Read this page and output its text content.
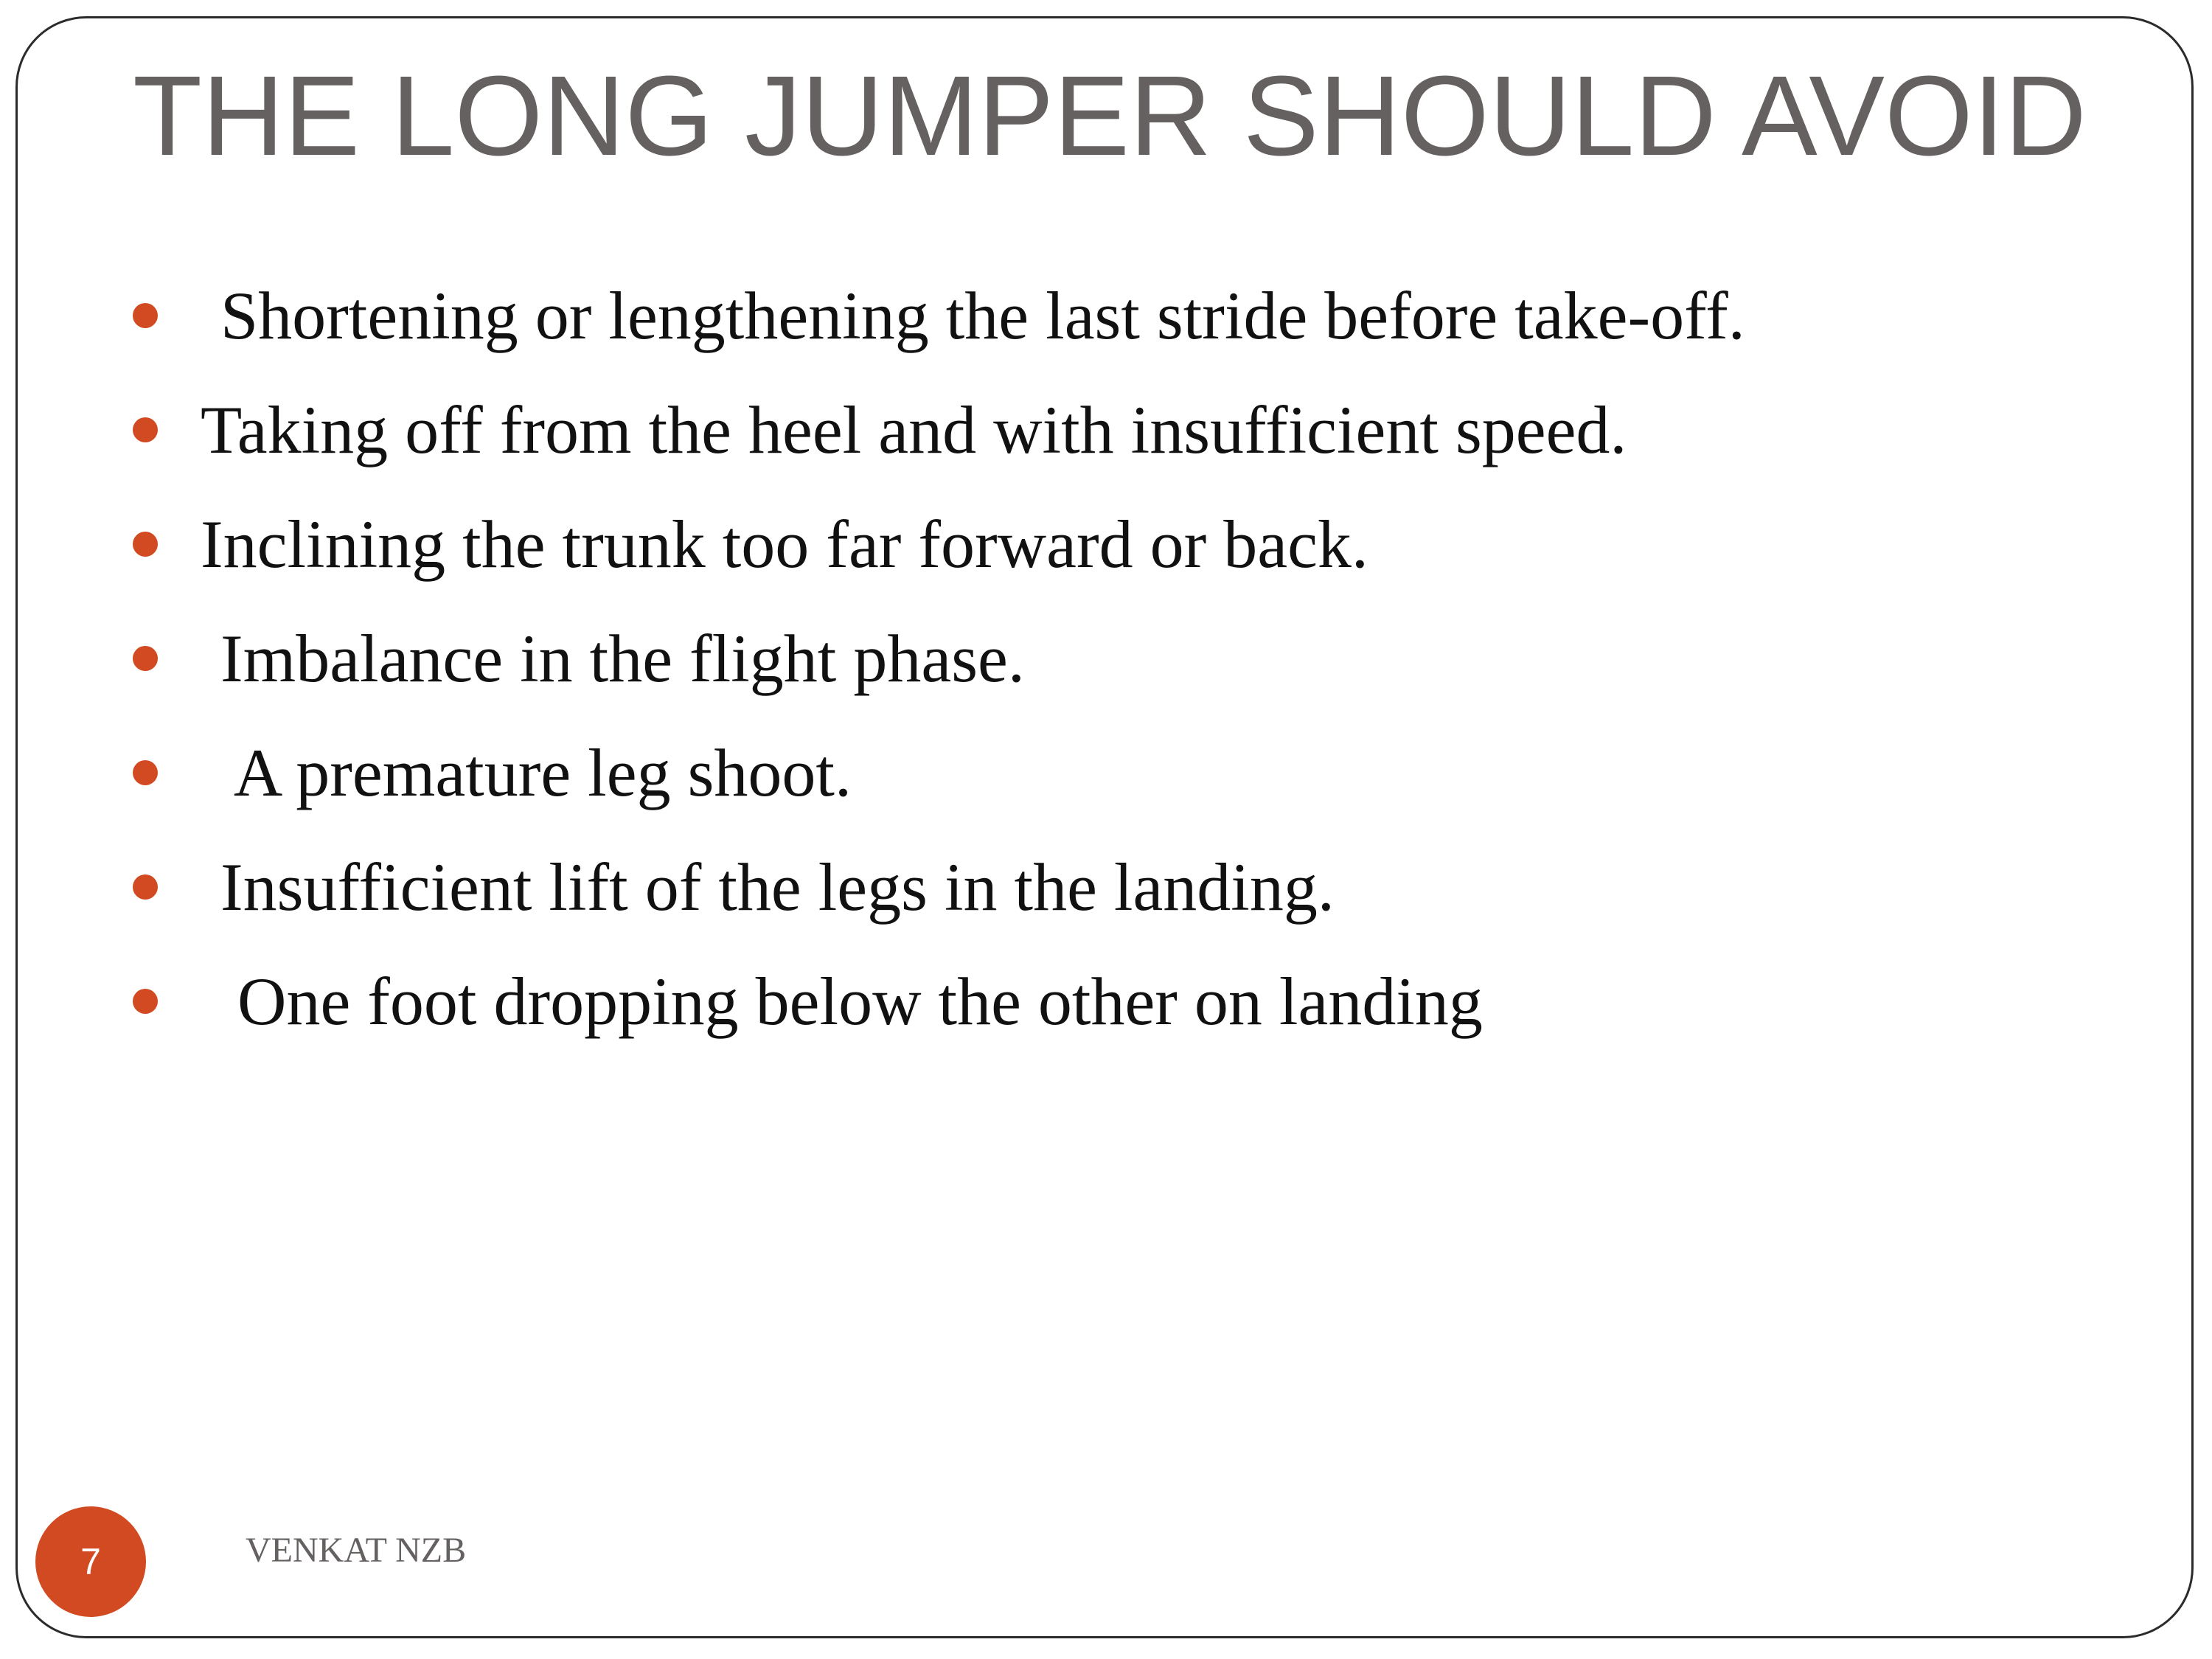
THE LONG JUMPER SHOULD AVOID
Shortening or lengthening the last stride before take-off.
Taking off from the heel and with insufficient speed.
Inclining the trunk too far forward or back.
Imbalance in the flight phase.
A premature leg shoot.
Insufficient lift of the legs in the landing.
One foot dropping below the other on landing
7	VENKAT NZB
